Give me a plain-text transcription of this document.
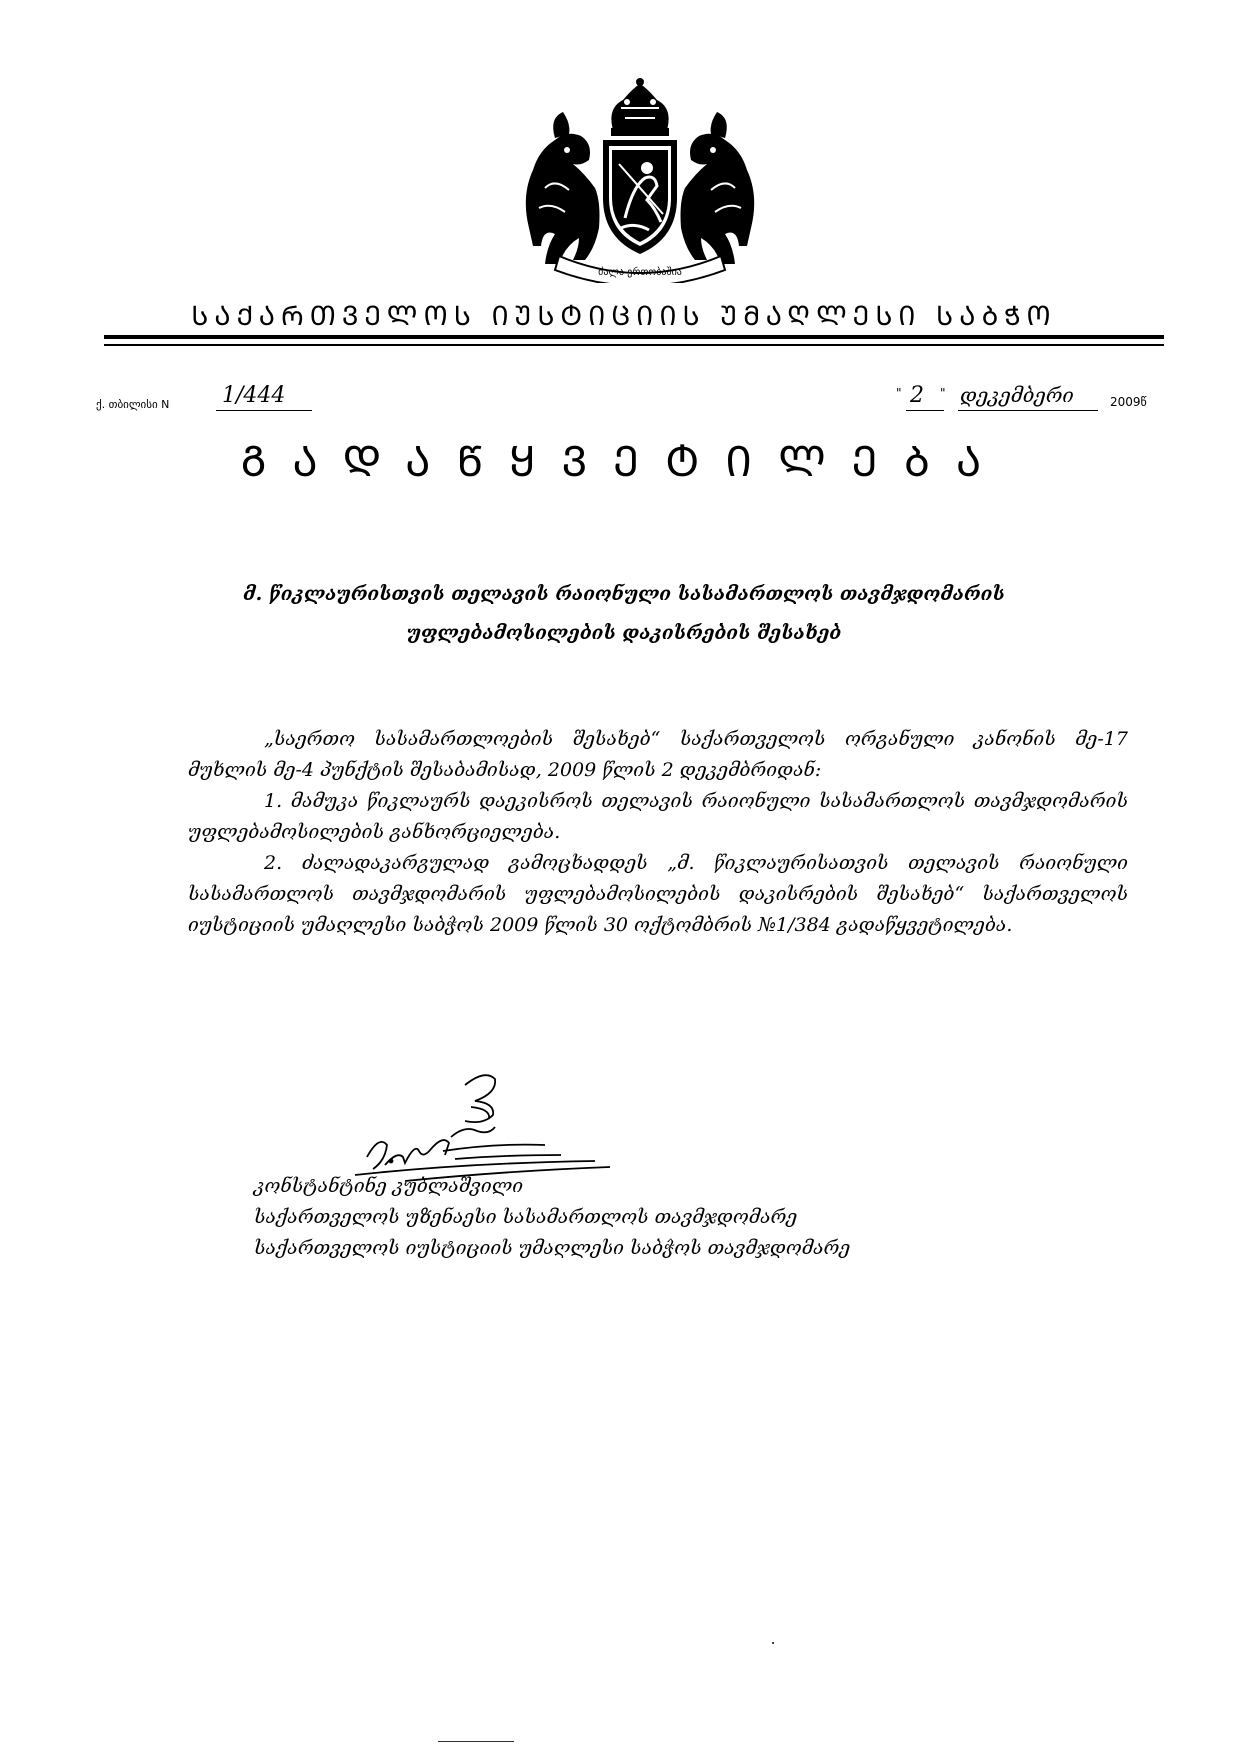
ძალა ერთობაშია
ᲡᲐᲥᲐᲠᲗᲕᲔᲚᲝᲡ ᲘᲣᲡᲢᲘᲪᲘᲘᲡ ᲣᲛᲐᲦᲚᲔᲡᲘ ᲡᲐᲑᲭᲝ
ქ. თბილისი N 1/444	" 2 " დეკემბერი	2009წ
ᲒᲐᲓᲐᲬᲧᲕᲔᲢᲘᲚᲔᲑᲐ
მ. წიკლაურისთვის თელავის რაიონული სასამართლოს თავმჯდომარის უფლებამოსილების დაკისრების შესახებ
„საერთო სასამართლოების შესახებ“ საქართველოს ორგანული კანონის მე-17 მუხლის მე-4 პუნქტის შესაბამისად, 2009 წლის 2 დეკემბრიდან:
1. მამუკა წიკლაურს დაეკისროს თელავის რაიონული სასამართლოს თავმჯდომარის უფლებამოსილების განხორციელება.
2. ძალადაკარგულად გამოცხადდეს „მ. წიკლაურისათვის თელავის რაიონული სასამართლოს თავმჯდომარის უფლებამოსილების დაკისრების შესახებ“ საქართველოს იუსტიციის უმაღლესი საბჭოს 2009 წლის 30 ოქტომბრის №1/384 გადაწყვეტილება.
კონსტანტინე კუბლაშვილი
საქართველოს უზენაესი სასამართლოს თავმჯდომარე
საქართველოს იუსტიციის უმაღლესი საბჭოს თავმჯდომარე
